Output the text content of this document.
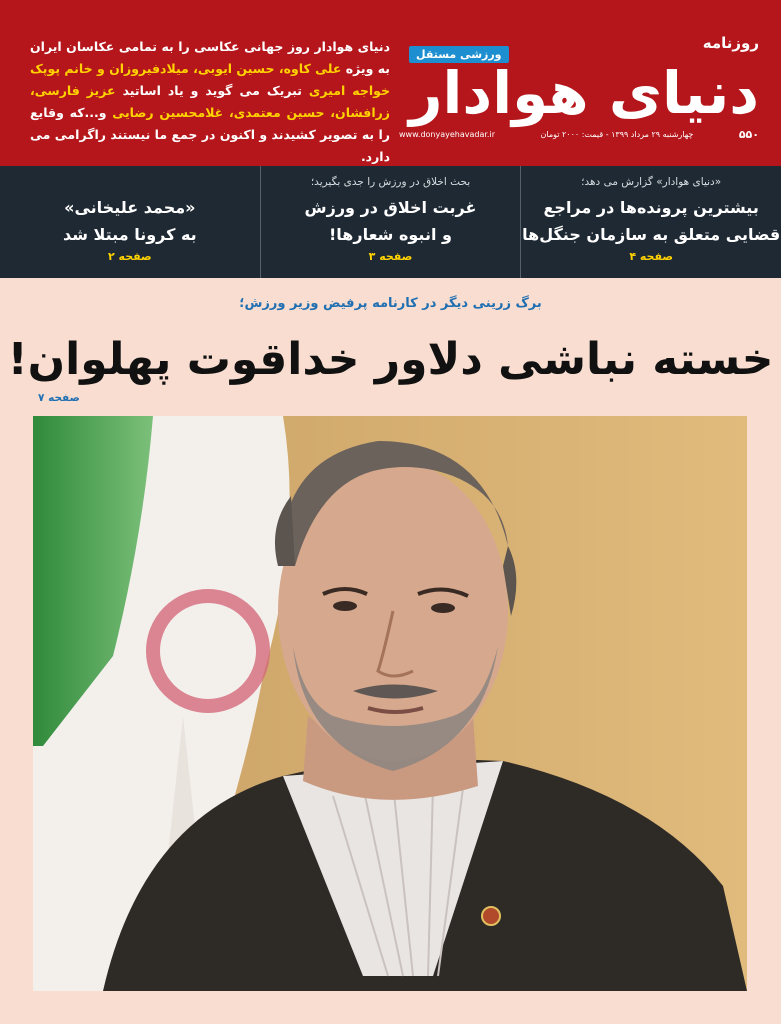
ورزشی مستقل
روزنامه
دنیای هوادار
۵۵۰
چهارشنبه ۲۹ مرداد ۱۳۹۹ - قیمت: ۲۰۰۰ تومان
www.donyayehavadar.ir
دنیای هوادار روز جهانی عکاسی را به تمامی عکاسان ایران به ویژه علی کاوه، حسین ایوبی، میلادفیروزان و خانم پوپک خواجه امیری تبریک می گوید و یاد اساتید عزیز فارسی، زرافشان، حسین معتمدی، غلامحسین رضایی و...که وقایع را به تصویر کشیدند و اکنون در جمع ما نیستند راگرامی می دارد.
«دنیای هوادار» گزارش می دهد؛
بیشترین پرونده‌ها در مراجع
قضایی متعلق به سازمان جنگل‌ها
صفحه ۴
بحث اخلاق در ورزش را جدی بگیرید؛
غربت اخلاق در ورزش
و انبوه شعارها!
صفحه ۳
«محمد علیخانی»
به کرونا مبتلا شد
صفحه ۲
برگ زرینی دیگر در کارنامه پرفیض وزیر ورزش؛
خسته نباشی دلاور خداقوت پهلوان!
صفحه ۷
